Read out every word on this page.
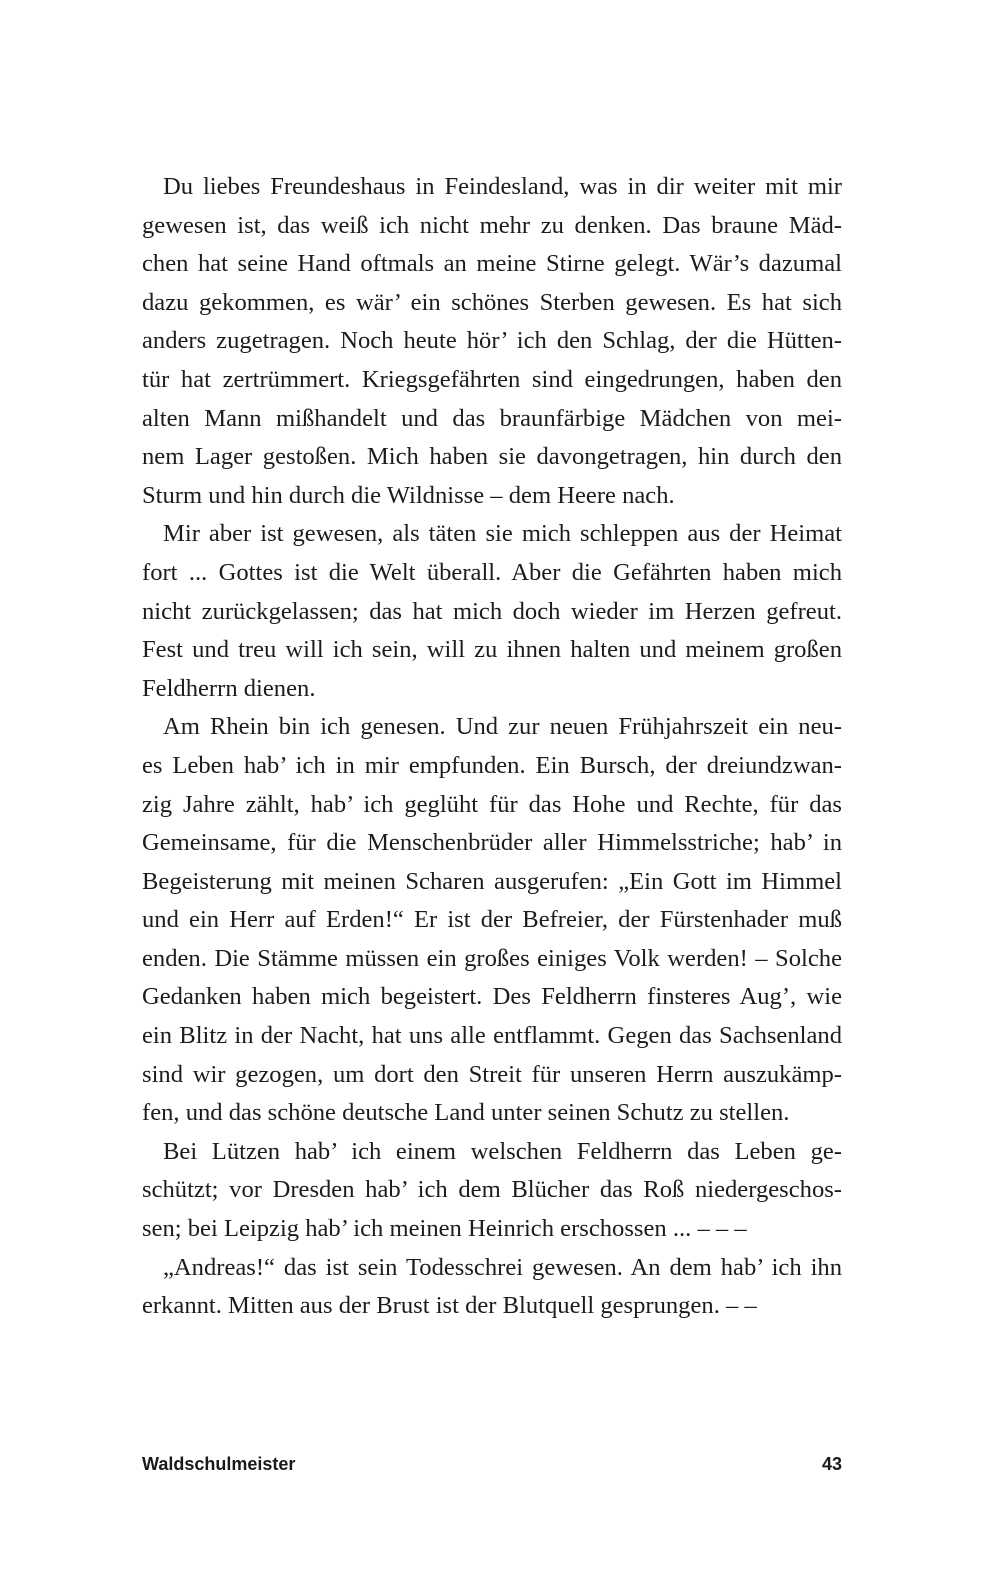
Du liebes Freundeshaus in Feindesland, was in dir weiter mit mir
gewesen ist, das weiß ich nicht mehr zu denken. Das braune Mäd-
chen hat seine Hand oftmals an meine Stirne gelegt. Wär’s dazumal
dazu gekommen, es wär’ ein schönes Sterben gewesen. Es hat sich
anders zugetragen. Noch heute hör’ ich den Schlag, der die Hütten-
tür hat zertrümmert. Kriegsgefährten sind eingedrungen, haben den
alten Mann mißhandelt und das braunfärbige Mädchen von mei-
nem Lager gestoßen. Mich haben sie davongetragen, hin durch den
Sturm und hin durch die Wildnisse – dem Heere nach.

Mir aber ist gewesen, als täten sie mich schleppen aus der Heimat
fort ... Gottes ist die Welt überall. Aber die Gefährten haben mich
nicht zurückgelassen; das hat mich doch wieder im Herzen gefreut.
Fest und treu will ich sein, will zu ihnen halten und meinem großen
Feldherrn dienen.

Am Rhein bin ich genesen. Und zur neuen Frühjahrszeit ein neu-
es Leben hab’ ich in mir empfunden. Ein Bursch, der dreiundzwan-
zig Jahre zählt, hab’ ich geglüht für das Hohe und Rechte, für das
Gemeinsame, für die Menschenbrüder aller Himmelsstriche; hab’ in
Begeisterung mit meinen Scharen ausgerufen: „Ein Gott im Himmel
und ein Herr auf Erden!“ Er ist der Befreier, der Fürstenhader muß
enden. Die Stämme müssen ein großes einiges Volk werden! – Solche
Gedanken haben mich begeistert. Des Feldherrn finsteres Aug’, wie
ein Blitz in der Nacht, hat uns alle entflammt. Gegen das Sachsenland
sind wir gezogen, um dort den Streit für unseren Herrn auszukämp-
fen, und das schöne deutsche Land unter seinen Schutz zu stellen.

Bei Lützen hab’ ich einem welschen Feldherrn das Leben ge-
schützt; vor Dresden hab’ ich dem Blücher das Roß niedergeschos-
sen; bei Leipzig hab’ ich meinen Heinrich erschossen ... – – –

„Andreas!“ das ist sein Todesschrei gewesen. An dem hab’ ich ihn
erkannt. Mitten aus der Brust ist der Blutquell gesprungen. – –

Waldschulmeister	43
